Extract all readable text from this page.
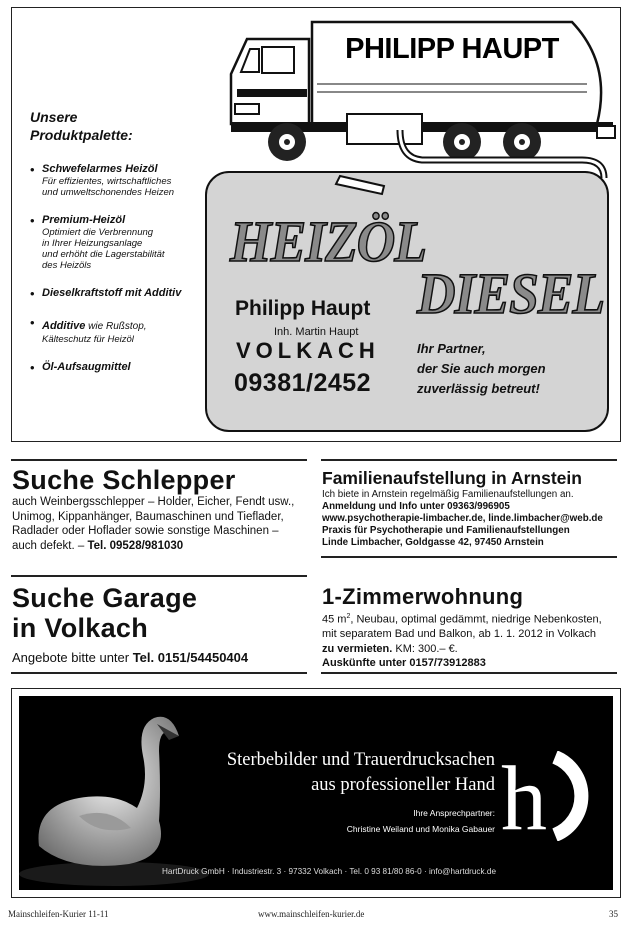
PHILIPP HAUPT
Unsere
Produktpalette:
• Schwefelarmes Heizöl
Für effizientes, wirtschaftliches
und umweltschonendes Heizen
• Premium-Heizöl
Optimiert die Verbrennung
in Ihrer Heizungsanlage
und erhöht die Lagerstabilität
des Heizöls
• Dieselkraftstoff mit Additiv
• Additive wie Rußstop,
Kälteschutz für Heizöl
• Öl-Aufsaugmittel
HEIZÖL
DIESEL
Philipp Haupt
Inh. Martin Haupt
VOLKACH
09381/2452
Ihr Partner,
der Sie auch morgen
zuverlässig betreut!
Suche Schlepper
auch Weinbergsschlepper – Holder, Eicher, Fendt usw.,
Unimog, Kippanhänger, Baumaschinen und Tieflader,
Radlader oder Hoflader sowie sonstige Maschinen –
auch defekt. – Tel. 09528/981030
Familienaufstellung in Arnstein
Ich biete in Arnstein regelmäßig Familienaufstellungen an.
Anmeldung und Info unter 09363/996905
www.psychotherapie-limbacher.de, linde.limbacher@web.de
Praxis für Psychotherapie und Familienaufstellungen
Linde Limbacher, Goldgasse 42, 97450 Arnstein
Suche Garage
in Volkach
Angebote bitte unter Tel. 0151/54450404
1-Zimmerwohnung
45 $m^2$, Neubau, optimal gedämmt, niedrige Nebenkosten,
mit separatem Bad und Balkon, ab 1. 1. 2012 in Volkach
zu vermieten. KM: 300.– €.
Auskünfte unter 0157/73912883
Sterbebilder und Trauerdrucksachen
aus professioneller Hand
Ihre Ansprechpartner:
Christine Weiland und Monika Gabauer h
HartDruck GmbH · Industriestr. 3 · 97332 Volkach · Tel. 0 93 81/80 86-0 · info@hartdruck.de
Mainschleifen-Kurier 11-11	www.mainschleifen-kurier.de	35
